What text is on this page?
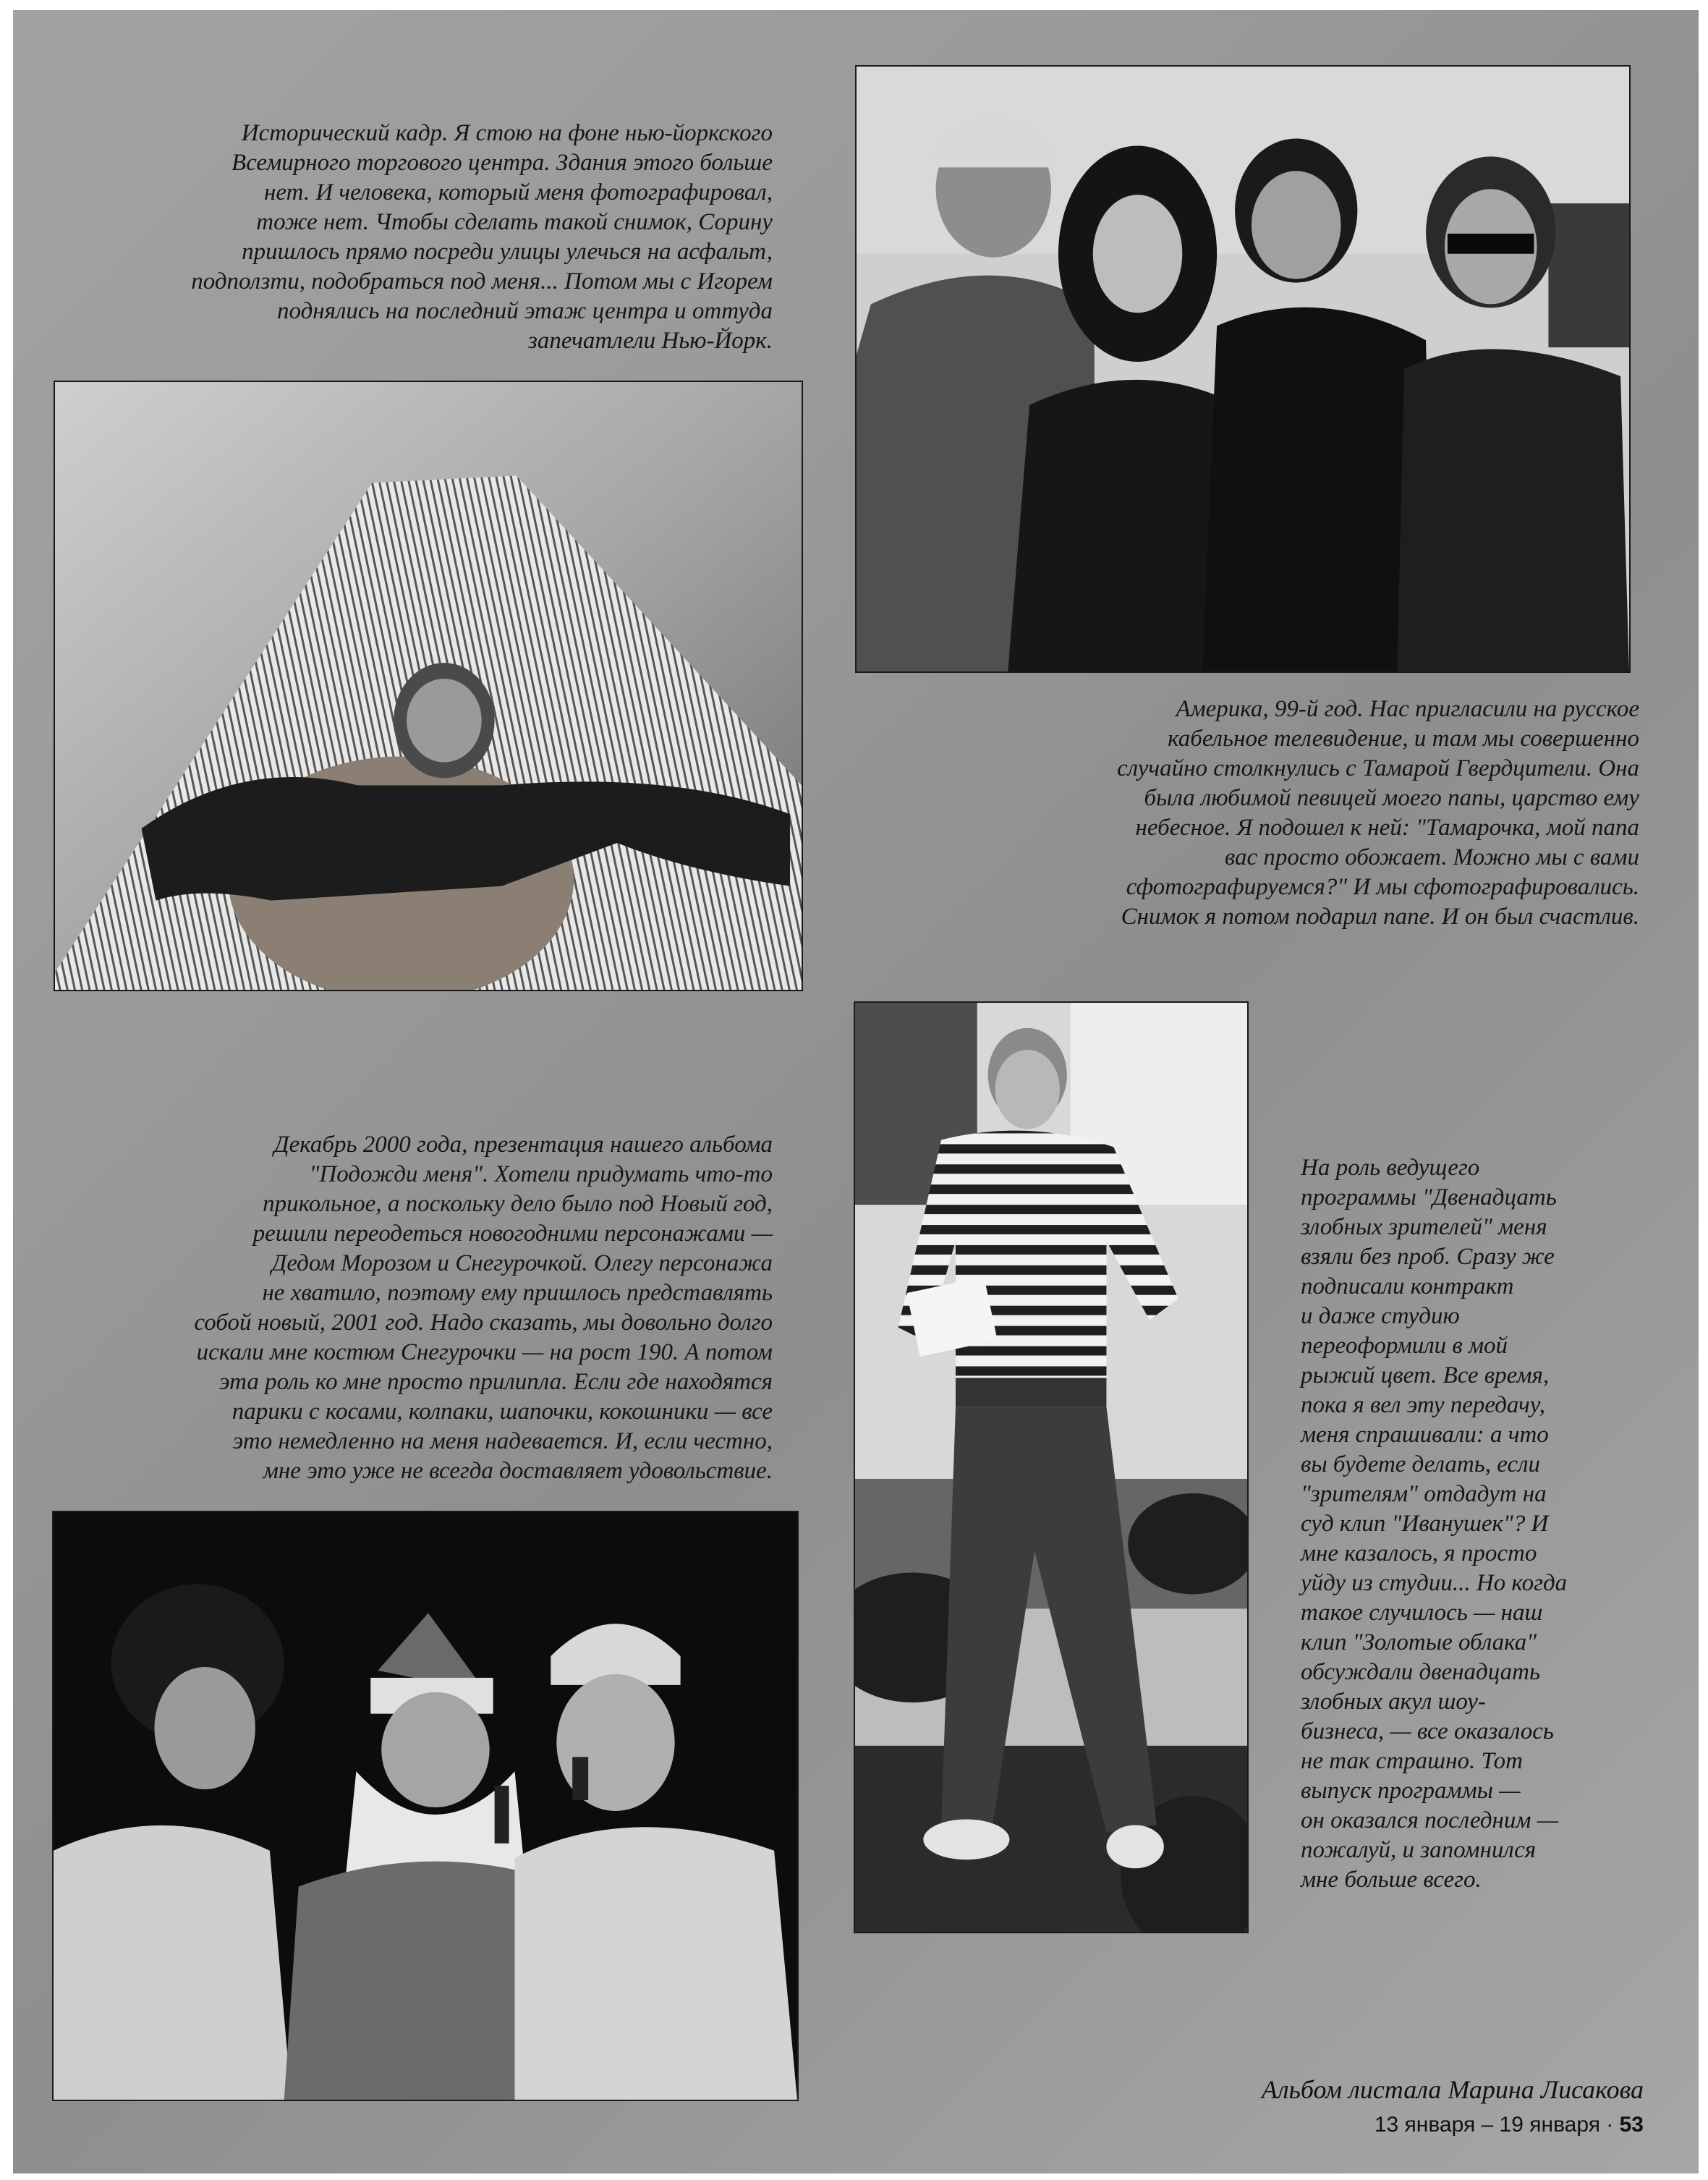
Исторический кадр. Я стою на фоне нью-йоркского
Всемирного торгового центра. Здания этого больше
нет. И человека, который меня фотографировал,
тоже нет. Чтобы сделать такой снимок, Сорину
пришлось прямо посреди улицы улечься на асфальт,
подползти, подобраться под меня... Потом мы с Игорем
поднялись на последний этаж центра и оттуда
запечатлели Нью-Йорк.

Америка, 99-й год. Нас пригласили на русское
кабельное телевидение, и там мы совершенно
случайно столкнулись с Тамарой Гвердцители. Она
была любимой певицей моего папы, царство ему
небесное. Я подошел к ней: "Тамарочка, мой папа
вас просто обожает. Можно мы с вами
сфотографируемся?" И мы сфотографировались.
Снимок я потом подарил папе. И он был счастлив.

Декабрь 2000 года, презентация нашего альбома
"Подожди меня". Хотели придумать что-то
прикольное, а поскольку дело было под Новый год,
решили переодеться новогодними персонажами —
Дедом Морозом и Снегурочкой. Олегу персонажа
не хватило, поэтому ему пришлось представлять
собой новый, 2001 год. Надо сказать, мы довольно долго
искали мне костюм Снегурочки — на рост 190. А потом
эта роль ко мне просто прилипла. Если где находятся
парики с косами, колпаки, шапочки, кокошники — все
это немедленно на меня надевается. И, если честно,
мне это уже не всегда доставляет удовольствие.

На роль ведущего
программы "Двенадцать
злобных зрителей" меня
взяли без проб. Сразу же
подписали контракт
и даже студию
переоформили в мой
рыжий цвет. Все время,
пока я вел эту передачу,
меня спрашивали: а что
вы будете делать, если
"зрителям" отдадут на
суд клип "Иванушек"? И
мне казалось, я просто
уйду из студии... Но когда
такое случилось — наш
клип "Золотые облака"
обсуждали двенадцать
злобных акул шоу-
бизнеса, — все оказалось
не так страшно. Тот
выпуск программы —
он оказался последним —
пожалуй, и запомнился
мне больше всего.

Альбом листала Марина Лисакова
13 января – 19 января · 53
